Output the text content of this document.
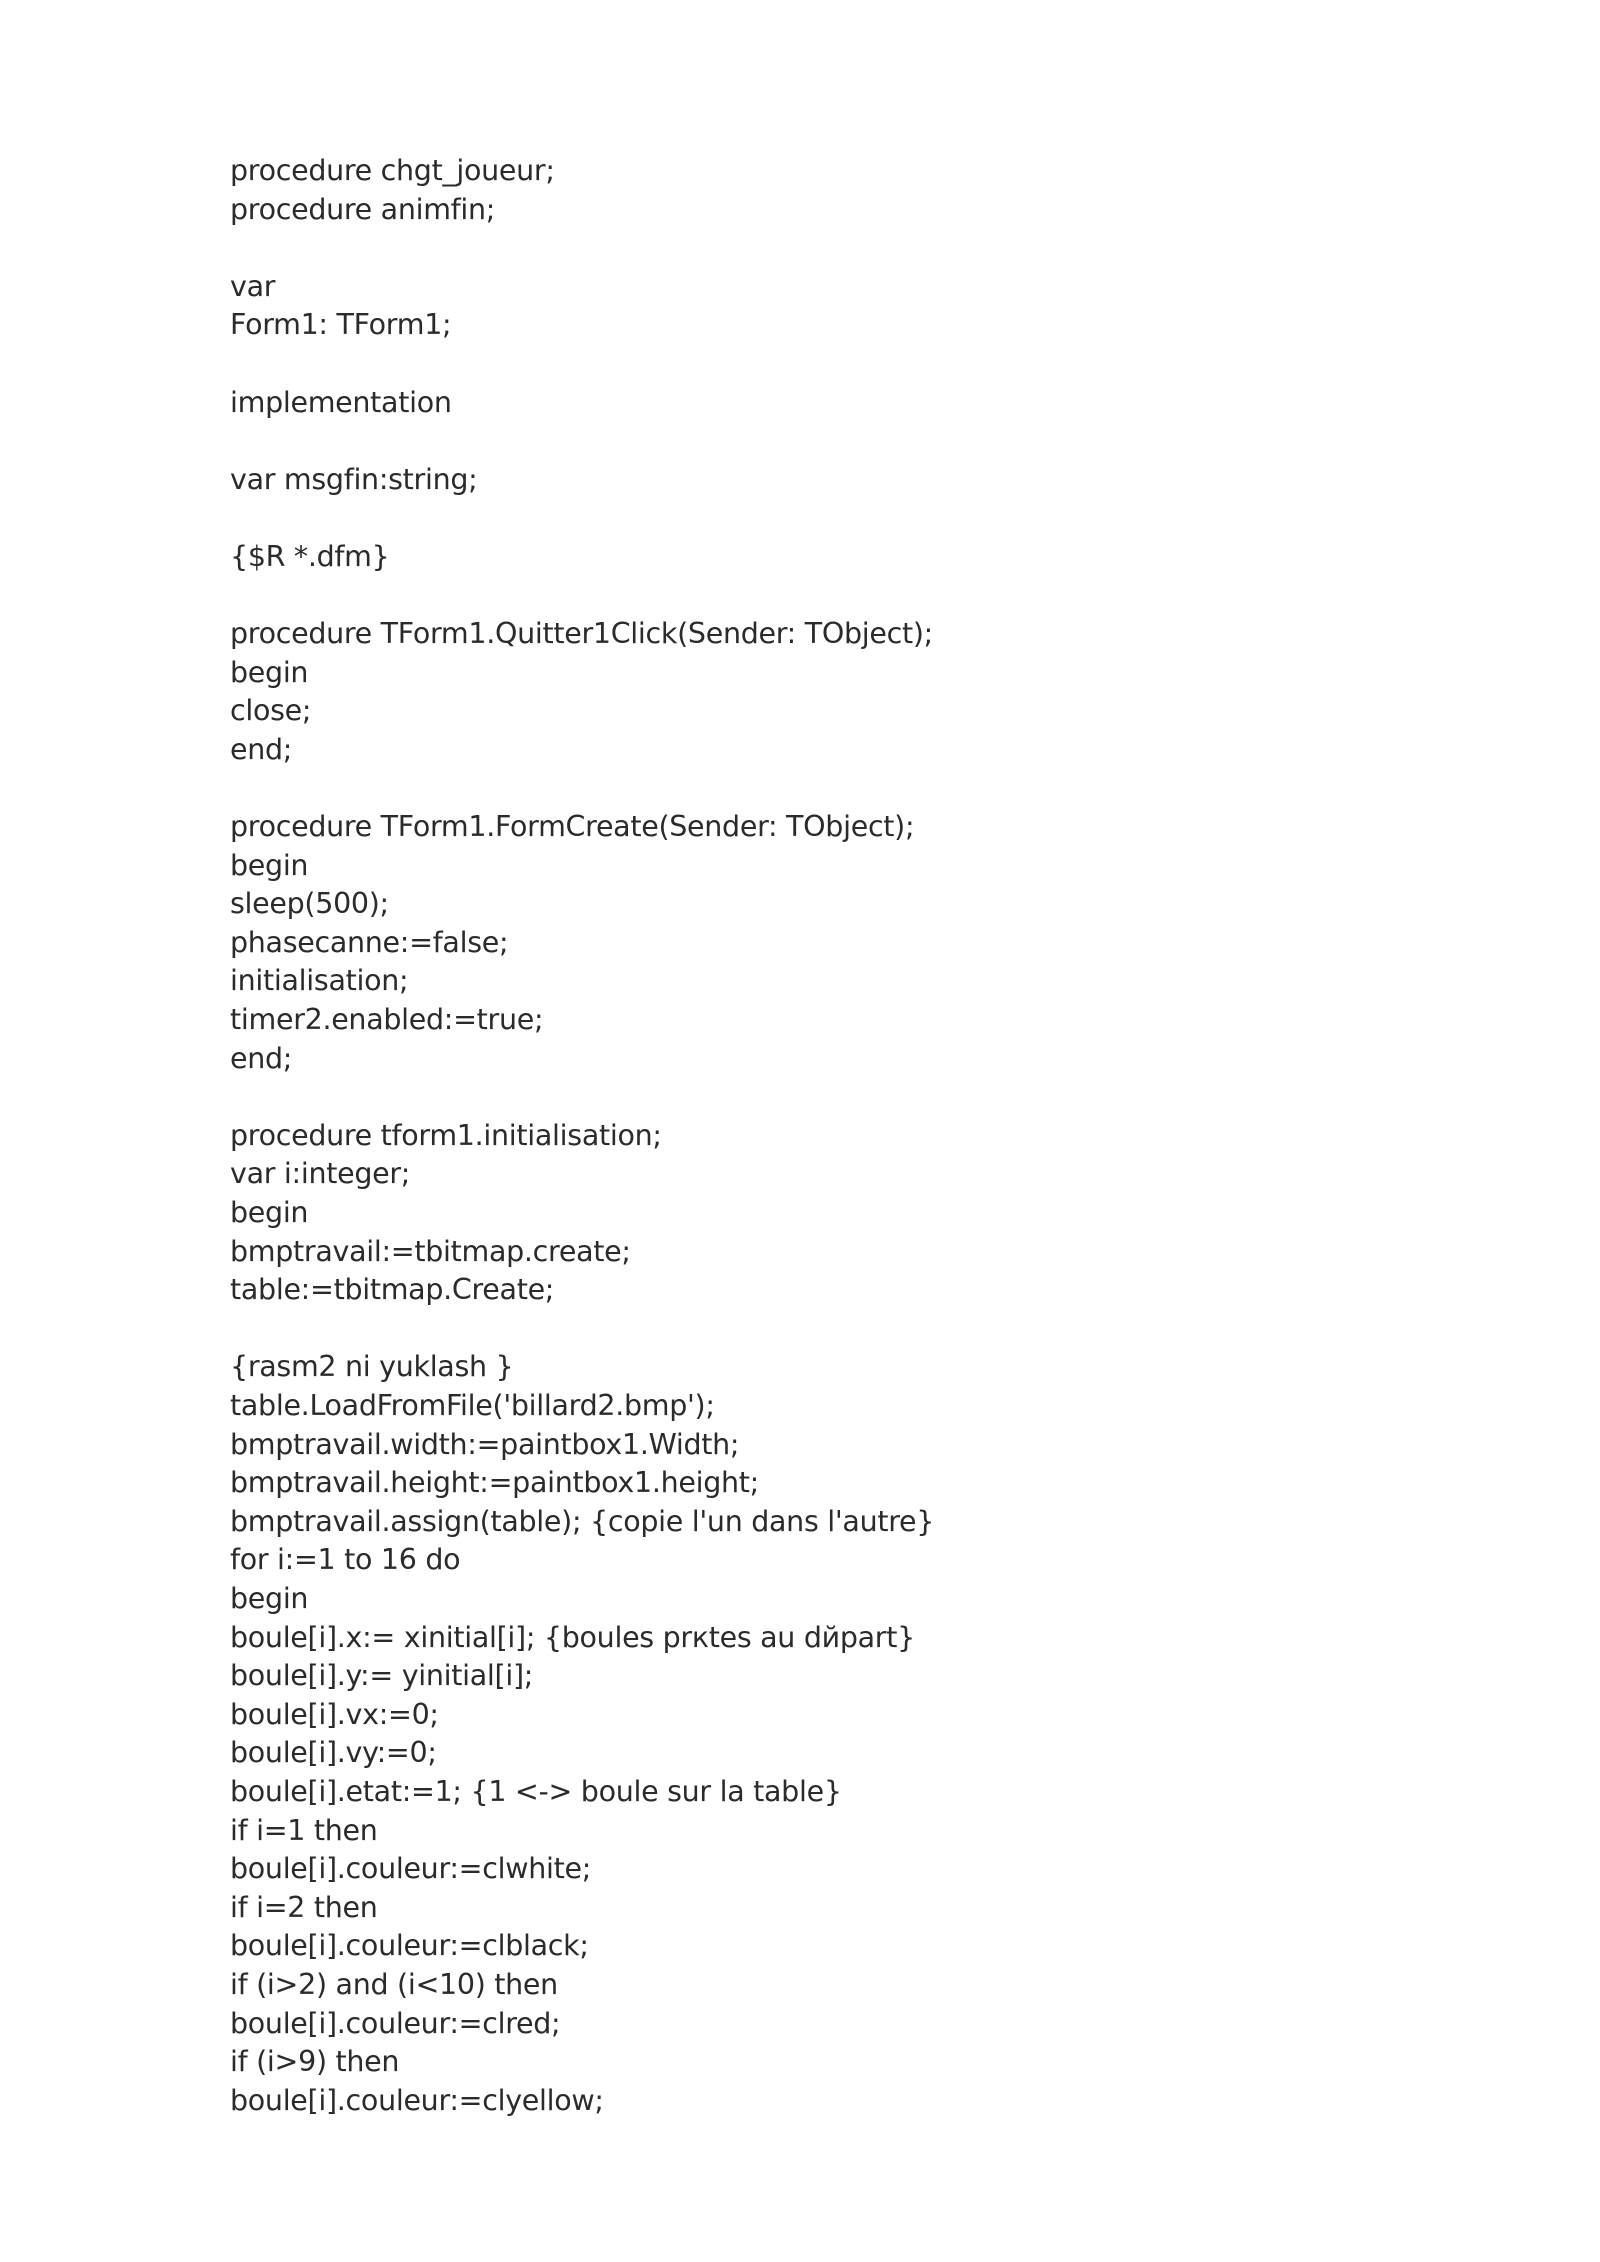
procedure chgt_joueur;
procedure animfin;
var
Form1: TForm1;
implementation
var msgfin:string;
{$R *.dfm}
procedure TForm1.Quitter1Click(Sender: TObject);
begin
close;
end;
procedure TForm1.FormCreate(Sender: TObject);
begin
sleep(500);
phasecanne:=false;
initialisation;
timer2.enabled:=true;
end;
procedure tform1.initialisation;
var i:integer;
begin
bmptravail:=tbitmap.create;
table:=tbitmap.Create;
{rasm2 ni yuklash }
table.LoadFromFile('billard2.bmp');
bmptravail.width:=paintbox1.Width;
bmptravail.height:=paintbox1.height;
bmptravail.assign(table); {copie l'un dans l'autre}
for i:=1 to 16 do
begin
boule[i].x:= xinitial[i]; {boules prкtes au dйpart}
boule[i].y:= yinitial[i];
boule[i].vx:=0;
boule[i].vy:=0;
boule[i].etat:=1; {1 <-> boule sur la table}
if i=1 then
boule[i].couleur:=clwhite;
if i=2 then
boule[i].couleur:=clblack;
if (i>2) and (i<10) then
boule[i].couleur:=clred;
if (i>9) then
boule[i].couleur:=clyellow;
